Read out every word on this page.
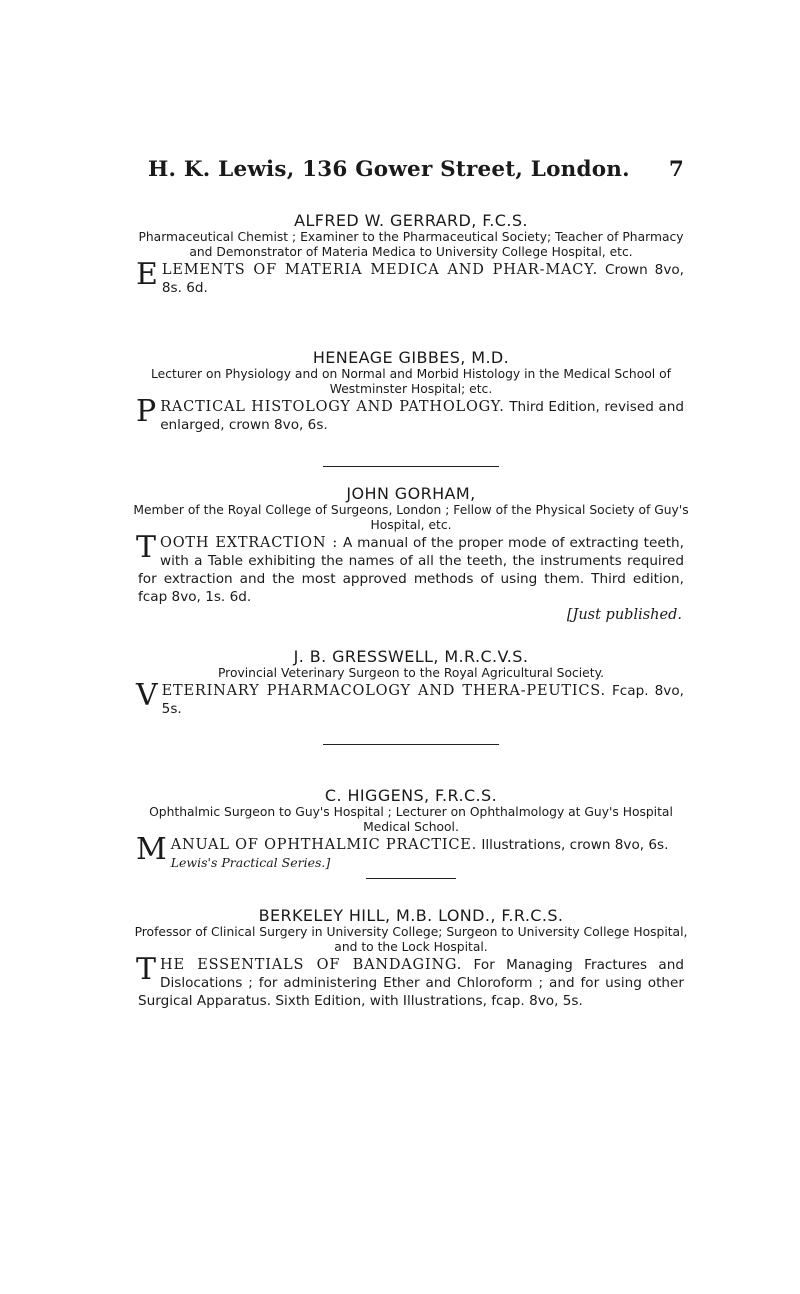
H. K. Lewis, 136 Gower Street, London. 7

ALFRED W. GERRARD, F.C.S.

Pharmaceutical Chemist ; Examiner to the Pharmaceutical Society; Teacher of Pharmacy and Demonstrator of Materia Medica to University College Hospital, etc.

ELEMENTS OF MATERIA MEDICA AND PHAR-MACY. Crown 8vo, 8s. 6d.

HENEAGE GIBBES, M.D.

Lecturer on Physiology and on Normal and Morbid Histology in the Medical School of Westminster Hospital; etc.

PRACTICAL HISTOLOGY AND PATHOLOGY. Third Edition, revised and enlarged, crown 8vo, 6s.

JOHN GORHAM,

Member of the Royal College of Surgeons, London ; Fellow of the Physical Society of Guy's Hospital, etc.

TOOTH EXTRACTION : A manual of the proper mode of extracting teeth, with a Table exhibiting the names of all the teeth, the instruments required for extraction and the most approved methods of using them. Third edition, fcap 8vo, 1s. 6d.
[Just published.

J. B. GRESSWELL, M.R.C.V.S.

Provincial Veterinary Surgeon to the Royal Agricultural Society.

VETERINARY PHARMACOLOGY AND THERA-PEUTICS. Fcap. 8vo, 5s.

C. HIGGENS, F.R.C.S.

Ophthalmic Surgeon to Guy's Hospital ; Lecturer on Ophthalmology at Guy's Hospital Medical School.

MANUAL OF OPHTHALMIC PRACTICE. Illustrations, crown 8vo, 6s.
Lewis's Practical Series.]

BERKELEY HILL, M.B. LOND., F.R.C.S.

Professor of Clinical Surgery in University College; Surgeon to University College Hospital, and to the Lock Hospital.

THE ESSENTIALS OF BANDAGING. For Managing Fractures and Dislocations ; for administering Ether and Chloroform ; and for using other Surgical Apparatus. Sixth Edition, with Illustrations, fcap. 8vo, 5s.
